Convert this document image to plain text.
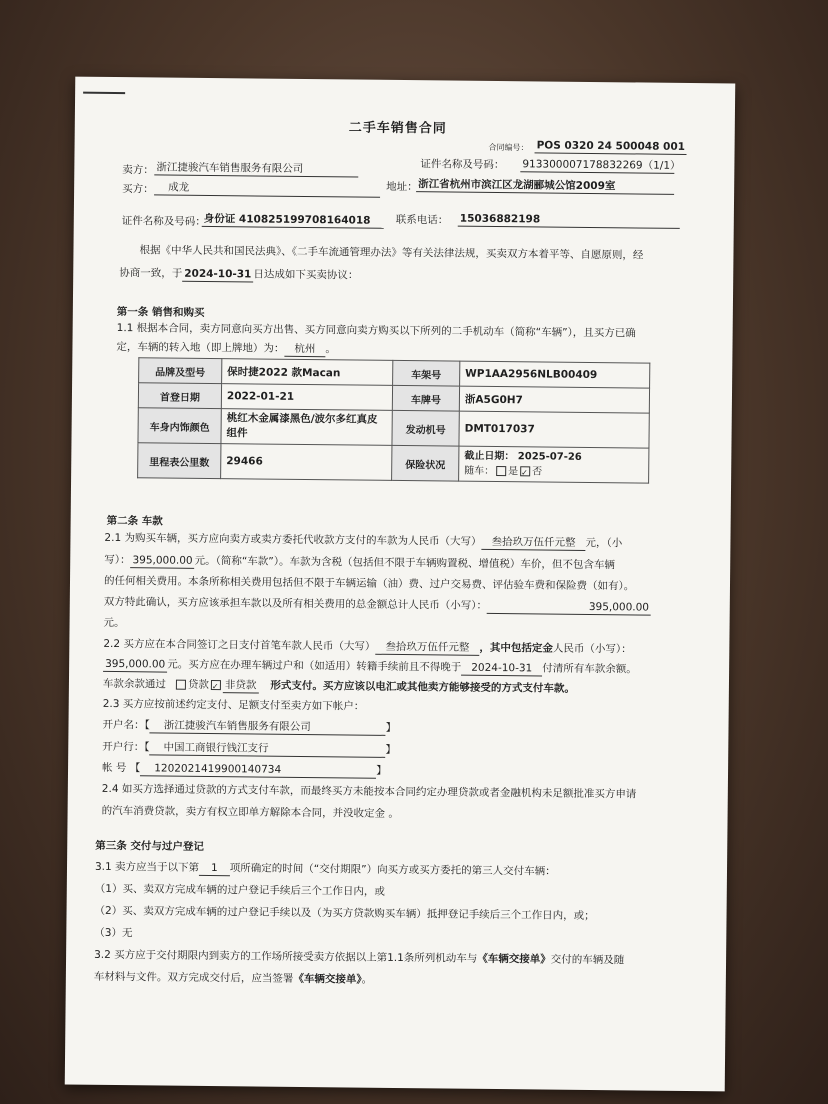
二手车销售合同
合同编号： POS 0320 24 500048 001
卖方： 浙江捷骏汽车销售服务有限公司	证件名称及号码： 913300007178832269（1/1）
买方：	成龙	地址： 浙江省杭州市滨江区龙湖郦城公馆2009室
证件名称及号码：
身份证 410825199708164018	联系电话： 15036882198
根据《中华人民共和国民法典》、《二手车流通管理办法》等有关法律法规，买卖双方本着平等、自愿原则，经
协商一致，于 2024-10-31 日达成如下买卖协议：
第一条 销售和购买
1.1 根据本合同，卖方同意向买方出售、买方同意向卖方购买以下所列的二手机动车（简称“车辆”），且买方已确
定，车辆的转入地（即上牌地）为： 杭州 。
品牌及型号	保时捷2022 款Macan	车架号	WP1AA2956NLB00409
首登日期	2022-01-21	车牌号	浙A5G0H7
车身内饰颜色	桃红木金属漆黑色/波尔多红真皮组件	发动机号	DMT017037
里程表公里数	29466	保险状况	截止日期： 2025-07-26
随车： 是 ✓ 否
第二条 车款
2.1 为购买车辆，买方应向卖方或卖方委托代收款方支付的车款为人民币（大写） 叁拾玖万伍仟元整 元，（小
写）： 395,000.00 元。（简称“车款”）。车款为含税（包括但不限于车辆购置税、增值税）车价，但不包含车辆
的任何相关费用。本条所称相关费用包括但不限于车辆运输（油）费、过户交易费、评估验车费和保险费（如有）。
双方特此确认，买方应该承担车款以及所有相关费用的总金额总计人民币（小写）：	395,000.00
元。
2.2 买方应在本合同签订之日支付首笔车款人民币（大写） 叁拾玖万伍仟元整 ，其中包括定金人民币（小写）：
395,000.00 元。买方应在办理车辆过户和（如适用）转籍手续前且不得晚于 2024-10-31 付清所有车款余额。
车款余款通过 贷款 ✓ 非贷款 形式支付。买方应该以电汇或其他卖方能够接受的方式支付车款。
2.3 买方应按前述约定支付、足额支付至卖方如下帐户：
开户名：【 浙江捷骏汽车销售服务有限公司	】
开户行：【 中国工商银行钱江支行	】
帐 号 【 1202021419900140734	】
2.4 如买方选择通过贷款的方式支付车款，而最终买方未能按本合同约定办理贷款或者金融机构未足额批准买方申请
的汽车消费贷款，卖方有权立即单方解除本合同，并没收定金 。
第三条 交付与过户登记
3.1 卖方应当于以下第 1 项所确定的时间（“交付期限”）向买方或买方委托的第三人交付车辆：
（1）买、卖双方完成车辆的过户登记手续后三个工作日内，或
（2）买、卖双方完成车辆的过户登记手续以及（为买方贷款购买车辆）抵押登记手续后三个工作日内，或；
（3）无
3.2 买方应于交付期限内到卖方的工作场所接受卖方依据以上第1.1条所列机动车与《车辆交接单》交付的车辆及随
车材料与文件。双方完成交付后，应当签署《车辆交接单》。
